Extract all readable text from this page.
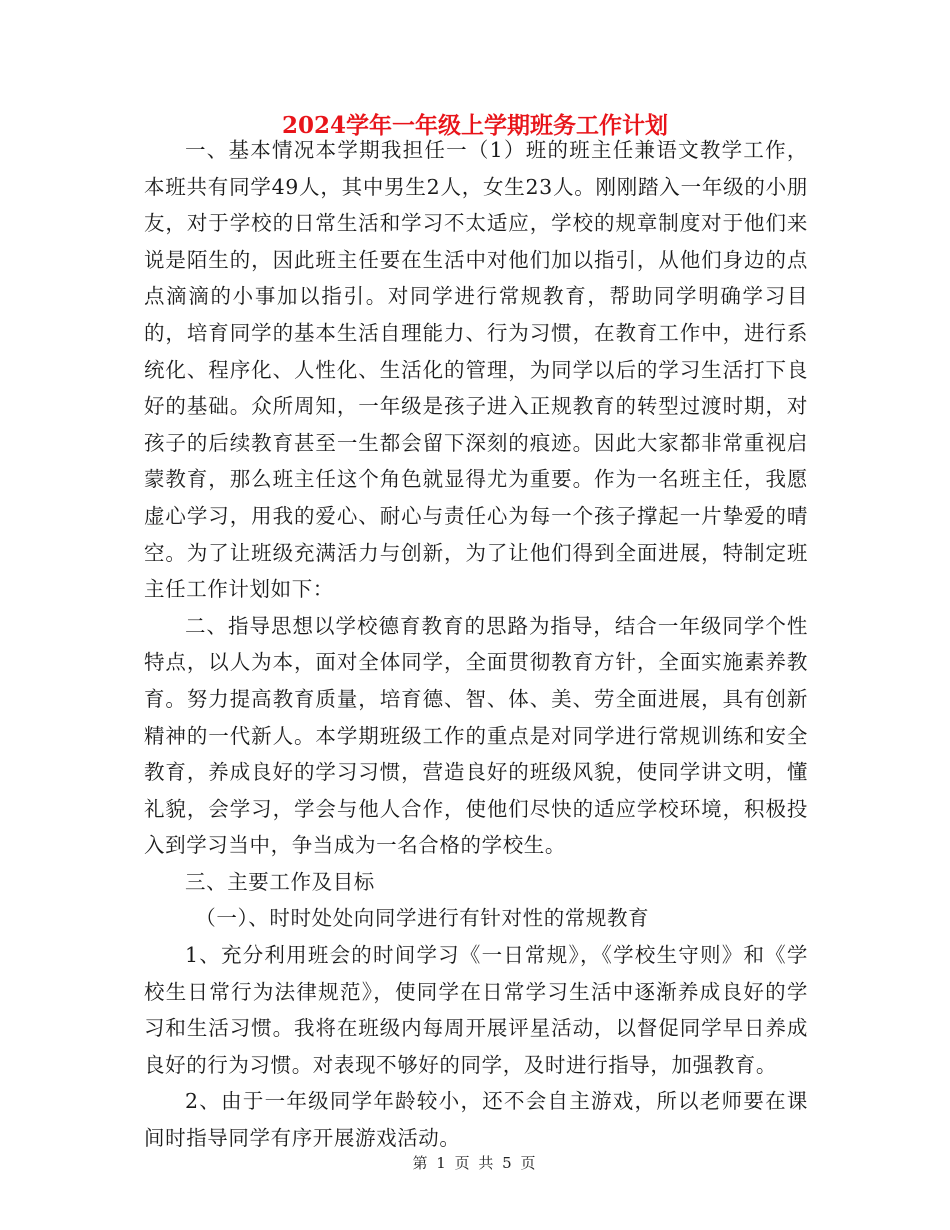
2024学年一年级上学期班务工作计划

一、基本情况本学期我担任一（1）班的班主任兼语文教学工作，本班共有同学49人，其中男生2人，女生23人。刚刚踏入一年级的小朋友，对于学校的日常生活和学习不太适应，学校的规章制度对于他们来说是陌生的，因此班主任要在生活中对他们加以指引，从他们身边的点点滴滴的小事加以指引。对同学进行常规教育，帮助同学明确学习目的，培育同学的基本生活自理能力、行为习惯，在教育工作中，进行系统化、程序化、人性化、生活化的管理，为同学以后的学习生活打下良好的基础。众所周知，一年级是孩子进入正规教育的转型过渡时期，对孩子的后续教育甚至一生都会留下深刻的痕迹。因此大家都非常重视启蒙教育，那么班主任这个角色就显得尤为重要。作为一名班主任，我愿虚心学习，用我的爱心、耐心与责任心为每一个孩子撑起一片挚爱的晴空。为了让班级充满活力与创新，为了让他们得到全面进展，特制定班主任工作计划如下：

二、指导思想以学校德育教育的思路为指导，结合一年级同学个性特点，以人为本，面对全体同学，全面贯彻教育方针，全面实施素养教育。努力提高教育质量，培育德、智、体、美、劳全面进展，具有创新精神的一代新人。本学期班级工作的重点是对同学进行常规训练和安全教育，养成良好的学习习惯，营造良好的班级风貌，使同学讲文明，懂礼貌，会学习，学会与他人合作，使他们尽快的适应学校环境，积极投入到学习当中，争当成为一名合格的学校生。

三、主要工作及目标

（一）、时时处处向同学进行有针对性的常规教育

1、充分利用班会的时间学习《一日常规》，《学校生守则》和《学校生日常行为法律规范》，使同学在日常学习生活中逐渐养成良好的学习和生活习惯。我将在班级内每周开展评星活动，以督促同学早日养成良好的行为习惯。对表现不够好的同学，及时进行指导，加强教育。

2、由于一年级同学年龄较小，还不会自主游戏，所以老师要在课间时指导同学有序开展游戏活动。

第 1 页 共 5 页
